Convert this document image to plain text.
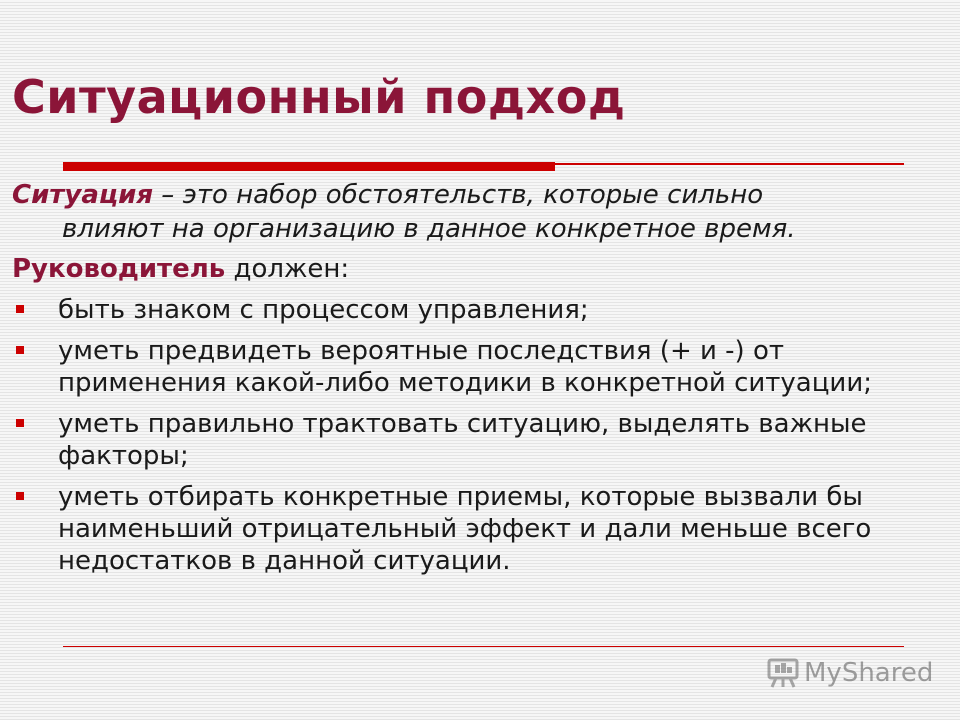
Ситуационный подход

Ситуация – это набор обстоятельств, которые сильно
влияют на организацию в данное конкретное время.

Руководитель должен:

быть знаком с процессом управления;
уметь предвидеть вероятные последствия (+ и -) от применения какой-либо методики в конкретной ситуации;
уметь правильно трактовать ситуацию, выделять важные факторы;
уметь отбирать конкретные приемы, которые вызвали бы наименьший отрицательный эффект и дали меньше всего недостатков в данной ситуации.
MyShared
